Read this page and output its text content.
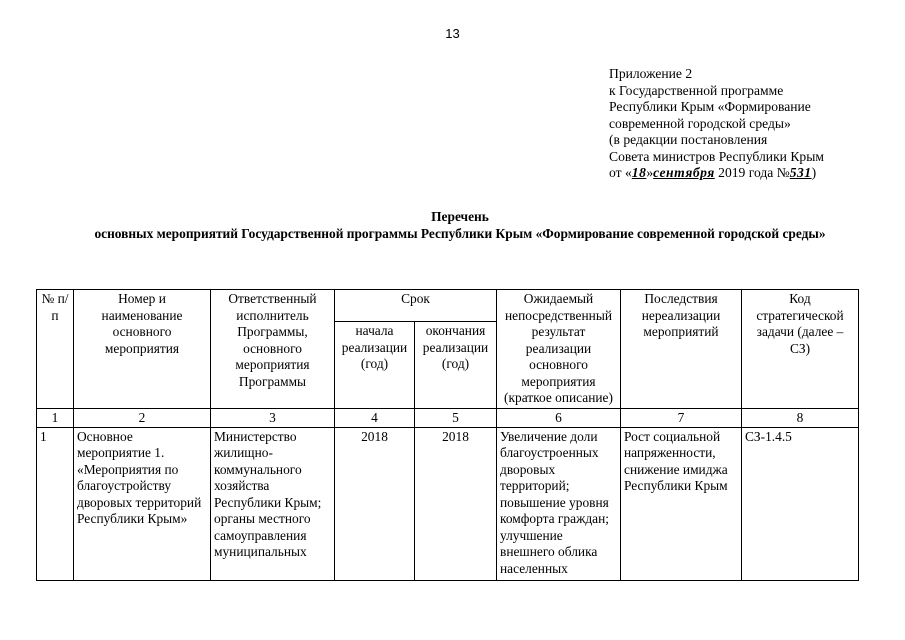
13
Приложение 2
к Государственной программе
Республики Крым «Формирование
современной городской среды»
(в редакции постановления
Совета министров Республики Крым
от «18»сентября 2019 года №531)
Перечень
основных мероприятий Государственной программы Республики Крым «Формирование современной городской среды»
№ п/п	Номер и наименование основного мероприятия	Ответственный исполнитель Программы, основного мероприятия Программы	Срок		Ожидаемый непосредственный результат реализации основного мероприятия (краткое описание)	Последствия нереализации мероприятий	Код стратегической задачи (далее – СЗ)
			начала реализации (год)	окончания реализации (год)			
1	2	3	4	5	6	7	8
1	Основное мероприятие 1. «Мероприятия по благоустройству дворовых территорий Республики Крым»	Министерство жилищно-коммунального хозяйства Республики Крым; органы местного самоуправления муниципальных	2018	2018	Увеличение доли благоустроенных дворовых территорий; повышение уровня комфорта граждан; улучшение внешнего облика населенных	Рост социальной напряженности, снижение имиджа Республики Крым	СЗ-1.4.5
